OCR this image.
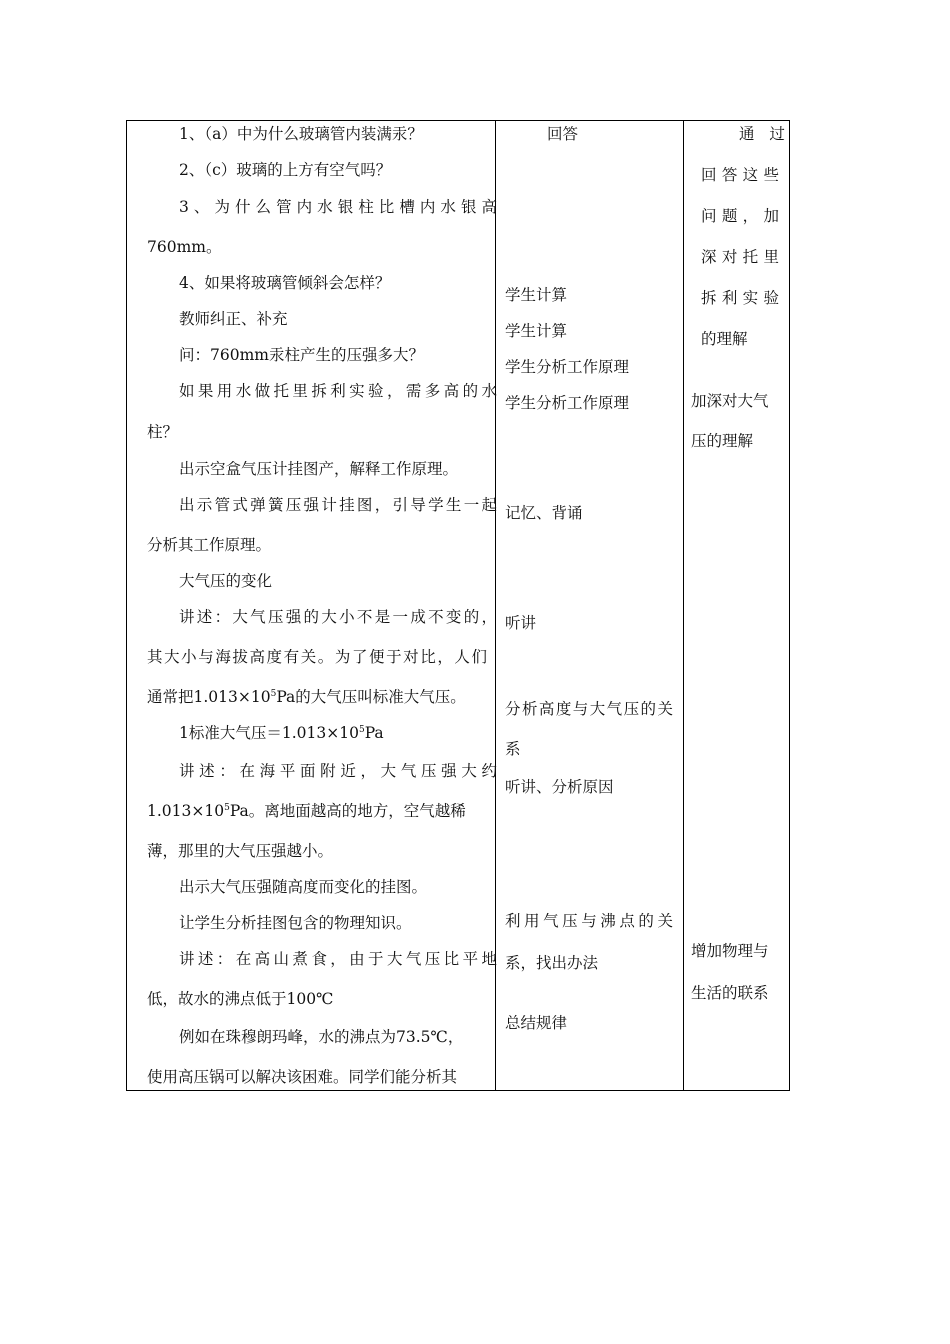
1、（a）中为什么玻璃管内装满汞？
2、（c）玻璃的上方有空气吗？
3、为什么管内水银柱比槽内水银高
760mm。
4、如果将玻璃管倾斜会怎样？
教师纠正、补充
问：760mm汞柱产生的压强多大？
如果用水做托里拆利实验，需多高的水
柱？
出示空盒气压计挂图产，解释工作原理。
出示管式弹簧压强计挂图，引导学生一起
分析其工作原理。
大气压的变化
讲述：大气压强的大小不是一成不变的，
其大小与海拔高度有关。为了便于对比，人们
通常把$1.013\times 10^5Pa$的大气压叫标准大气压。
1标准大气压$=1.013\times 10^5Pa$
讲述：在海平面附近，大气压强大约
$1.013\times 10^5Pa$。离地面越高的地方，空气越稀
薄，那里的大气压强越小。
出示大气压强随高度而变化的挂图。
让学生分析挂图包含的物理知识。
讲述：在高山煮食，由于大气压比平地
低，故水的沸点低于100℃
例如在珠穆朗玛峰，水的沸点为73.5℃，
使用高压锅可以解决该困难。同学们能分析其
回答
学生计算
学生计算
学生分析工作原理
学生分析工作原理
记忆、背诵
听讲
分析高度与大气压的关
系
听讲、分析原因
利用气压与沸点的关
系，找出办法
总结规律
通 过
回答这些
问题，加
深对托里
拆利实验
的理解
加深对大气
压的理解
增加物理与
生活的联系
